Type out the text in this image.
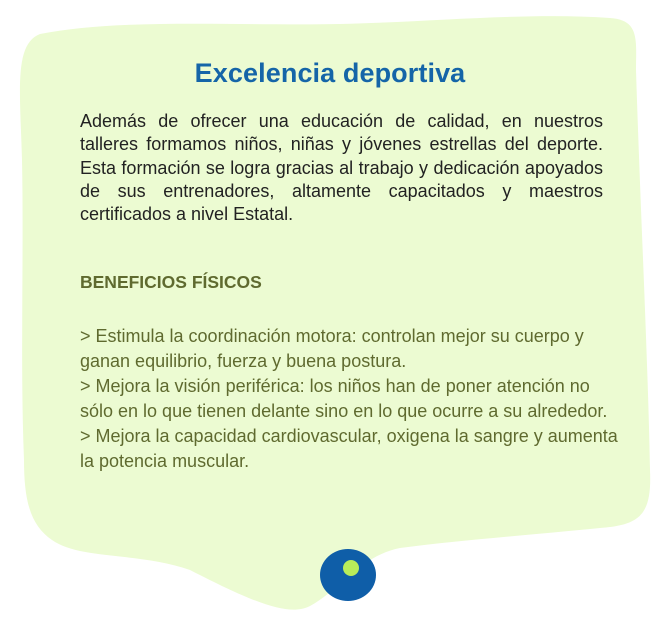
Excelencia deportiva
Además de ofrecer una educación de calidad, en nuestros talleres formamos niños, niñas y jóvenes estrellas del deporte. Esta formación se logra gracias al trabajo y dedicación apoyados de sus entrenadores, altamente capacitados y maestros certificados a nivel Estatal.
BENEFICIOS FÍSICOS
> Estimula la coordinación motora: controlan mejor su cuerpo y ganan equilibrio, fuerza y buena postura.
> Mejora la visión periférica: los niños han de poner atención no sólo en lo que tienen delante sino en lo que ocurre a su alrededor.
> Mejora la capacidad cardiovascular, oxigena la sangre y aumenta la potencia muscular.
